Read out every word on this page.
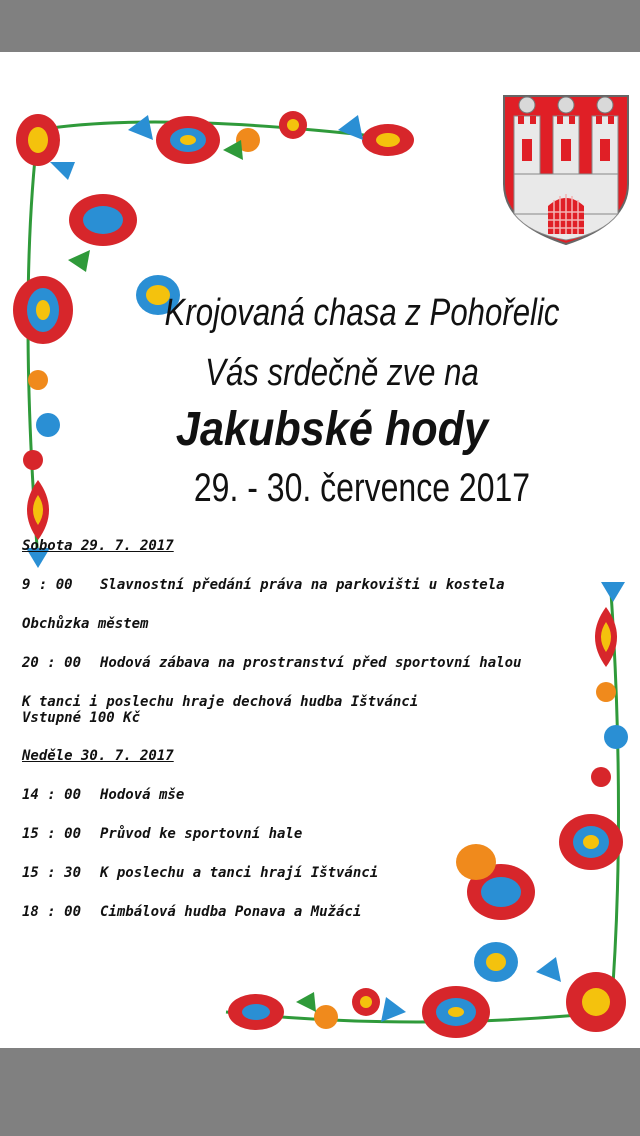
Krojovaná chasa z Pohořelic
Vás srdečně zve na
Jakubské hody
29. - 30. července 2017
Sobota 29. 7. 2017
9 : 00 Slavnostní předání práva na parkovišti u kostela
Obchůzka městem
20 : 00 Hodová zábava na prostranství před sportovní halou
K tanci i poslechu hraje dechová hudba Ištvánci
Vstupné 100 Kč
Neděle 30. 7. 2017
14 : 00 Hodová mše
15 : 00 Průvod ke sportovní hale
15 : 30 K poslechu a tanci hrají Ištvánci
18 : 00 Cimbálová hudba Ponava a Mužáci
